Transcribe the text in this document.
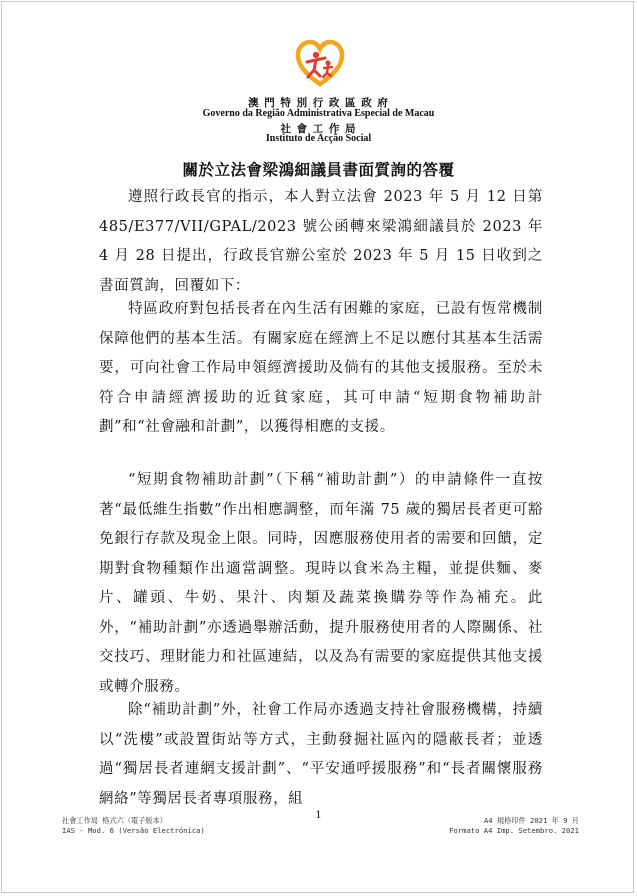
澳 門 特 別 行 政 區 政 府
Governo da Região Administrativa Especial de Macau
社 會 工 作 局
Instituto de Acção Social
關於立法會梁鴻細議員書面質詢的答覆

遵照行政長官的指示，本人對立法會 2023 年 5 月 12 日第 485/E377/VII/GPAL/2023 號公函轉來梁鴻細議員於 2023 年 4 月 28 日提出，行政長官辦公室於 2023 年 5 月 15 日收到之書面質詢，回覆如下：

特區政府對包括長者在內生活有困難的家庭，已設有恆常機制保障他們的基本生活。有關家庭在經濟上不足以應付其基本生活需要，可向社會工作局申領經濟援助及倘有的其他支援服務。至於未符合申請經濟援助的近貧家庭，其可申請“短期食物補助計劃”和“社會融和計劃”，以獲得相應的支援。

“短期食物補助計劃”（下稱“補助計劃”）的申請條件一直按著“最低維生指數”作出相應調整，而年滿 75 歲的獨居長者更可豁免銀行存款及現金上限。同時，因應服務使用者的需要和回饋，定期對食物種類作出適當調整。現時以食米為主糧，並提供麵、麥片、罐頭、牛奶、果汁、肉類及蔬菜換購券等作為補充。此外，“補助計劃”亦透過舉辦活動，提升服務使用者的人際關係、社交技巧、理財能力和社區連結，以及為有需要的家庭提供其他支援或轉介服務。

除“補助計劃”外，社會工作局亦透過支持社會服務機構，持續以“洗樓”或設置街站等方式，主動發掘社區內的隱蔽長者；並透過“獨居長者連網支援計劃”、“平安通呼援服務”和“長者關懷服務網絡”等獨居長者專項服務，組

1
社會工作局 格式六（電子版本）
IAS - Mod. 6 (Versão Electrónica)
A4 規格印件 2021 年 9 月
Formato A4 Imp. Setembro. 2021
